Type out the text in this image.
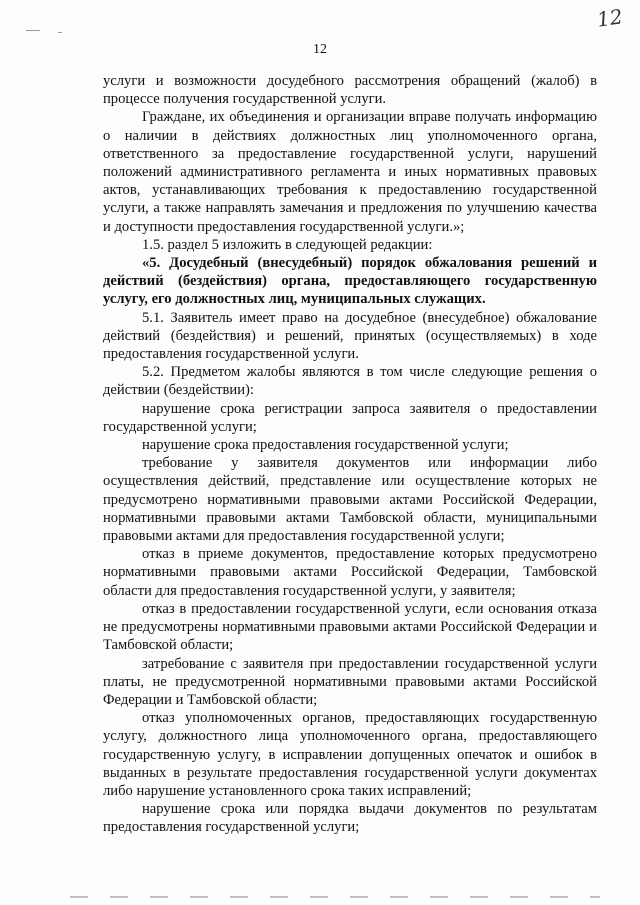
12
12

услуги и возможности досудебного рассмотрения обращений (жалоб) в процессе получения государственной услуги.

Граждане, их объединения и организации вправе получать информацию о наличии в действиях должностных лиц уполномоченного органа, ответственного за предоставление государственной услуги, нарушений положений административного регламента и иных нормативных правовых актов, устанавливающих требования к предоставлению государственной услуги, а также направлять замечания и предложения по улучшению качества и доступности предоставления государственной услуги.»;

1.5. раздел 5 изложить в следующей редакции:

«5. Досудебный (внесудебный) порядок обжалования решений и действий (бездействия) органа, предоставляющего государственную услугу, его должностных лиц, муниципальных служащих.

5.1. Заявитель имеет право на досудебное (внесудебное) обжалование действий (бездействия) и решений, принятых (осуществляемых) в ходе предоставления государственной услуги.

5.2. Предметом жалобы являются в том числе следующие решения о действии (бездействии):

нарушение срока регистрации запроса заявителя о предоставлении государственной услуги;

нарушение срока предоставления государственной услуги;

требование у заявителя документов или информации либо осуществления действий, представление или осуществление которых не предусмотрено нормативными правовыми актами Российской Федерации, нормативными правовыми актами Тамбовской области, муниципальными правовыми актами для предоставления государственной услуги;

отказ в приеме документов, предоставление которых предусмотрено нормативными правовыми актами Российской Федерации, Тамбовской области для предоставления государственной услуги, у заявителя;

отказ в предоставлении государственной услуги, если основания отказа не предусмотрены нормативными правовыми актами Российской Федерации и Тамбовской области;

затребование с заявителя при предоставлении государственной услуги платы, не предусмотренной нормативными правовыми актами Российской Федерации и Тамбовской области;

отказ уполномоченных органов, предоставляющих государственную услугу, должностного лица уполномоченного органа, предоставляющего государственную услугу, в исправлении допущенных опечаток и ошибок в выданных в результате предоставления государственной услуги документах либо нарушение установленного срока таких исправлений;

нарушение срока или порядка выдачи документов по результатам предоставления государственной услуги;
